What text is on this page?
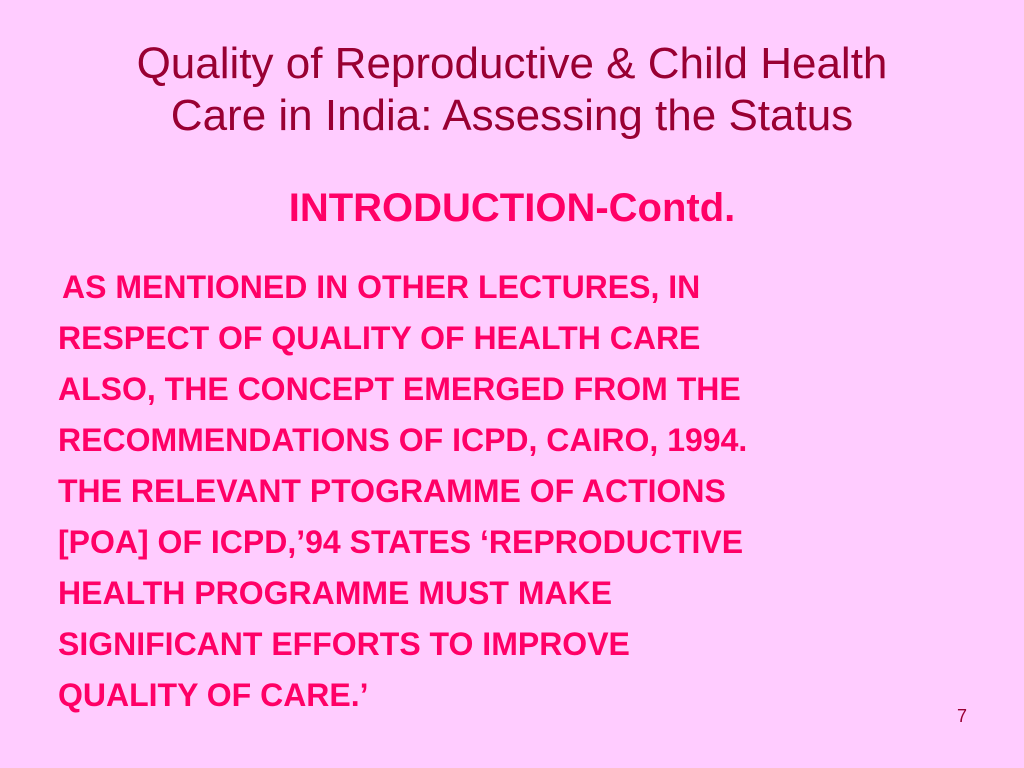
Quality of Reproductive & Child Health
Care in India: Assessing the Status
INTRODUCTION-Contd.
AS MENTIONED IN OTHER LECTURES, IN
RESPECT OF QUALITY OF HEALTH CARE
ALSO, THE CONCEPT EMERGED FROM THE
RECOMMENDATIONS OF ICPD, CAIRO, 1994.
THE RELEVANT PTOGRAMME OF ACTIONS
[POA] OF ICPD,’94 STATES ‘REPRODUCTIVE
HEALTH PROGRAMME MUST MAKE
SIGNIFICANT EFFORTS TO IMPROVE
QUALITY OF CARE.’
7
